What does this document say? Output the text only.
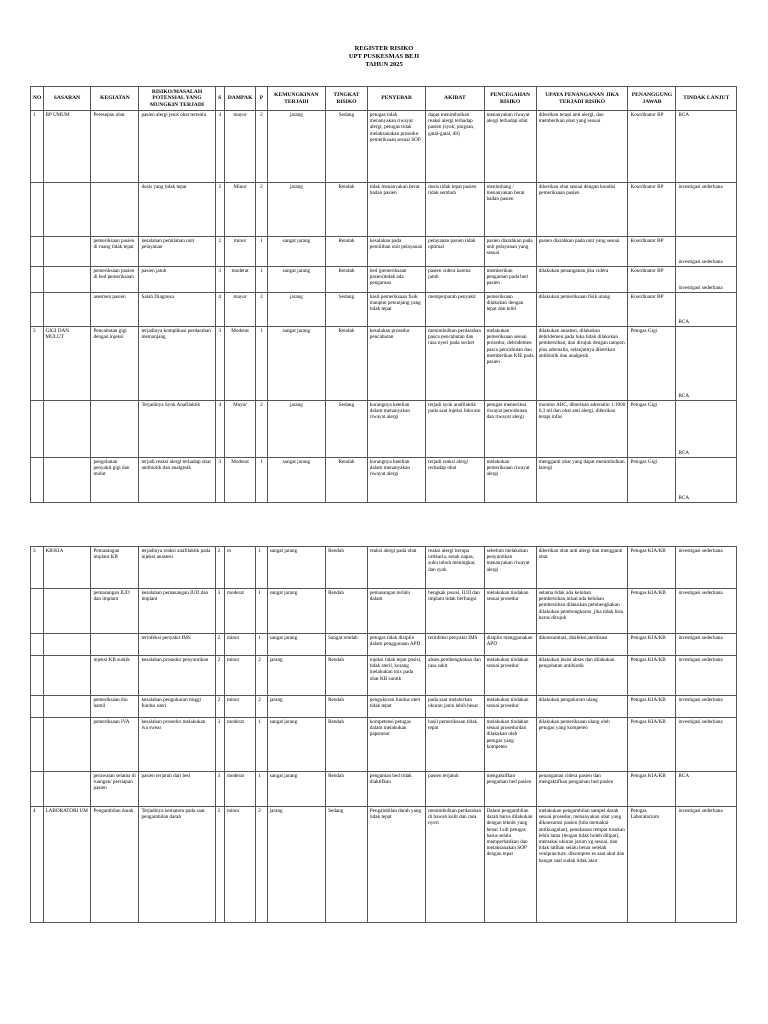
REGISTER RISIKO
UPT PUSKESMAS BEJI
TAHUN 2025
NO	SASARAN	KEGIATAN	RISIKO/MASALAH POTENSIAL YANG MUNGKIN TERJADI	S	DAMPAK	P	KEMUNGKINAN TERJADI	TINGKAT RISIKO	PENYEBAB	AKIBAT	PENCEGAHAN RISIKO	UPAYA PENANGANAN JIKA TERJADI RISIKO	PENANGGUNG JAWAB	TINDAK LANJUT
1	BP UMUM	Peresepan obat	pasien alergi jenis obat tertentu	4	mayor	2	jarang	Sedang	petugas tidak menanyakan riwayat alergi, petugas tidak melaksanakan prosedur pemeriksaan sesuai SOP	dapat menimbulkan reaksi alergi terhadap pasien (syok, pingsan, gatal-gatal, dll)	menanyakan riwayat alergi terhadap obat	diberikan terapi anti alergi, dan memberikan obat yang sesuai	Koordinator BP	RCA
			dosis yang tidak tepat	2	Minor	2	jarang	Rendah	tidak menanyakan berat badan pasien	dosis tidak tepat pasien tidak sembuh	menimbang / menanyakan berat badan pasien	diberikan obat sesuai dengan kondisi pemeriksaan pasien	Koordinator BP	investigasi sederhana
		pemeriksaan pasien di ruang tidak tepat	kesalahan pemilahan unit pelayanan	2	minor	1	sangat jarang	Rendah	kesalahan pada pemilihan unit pelayanan	pelayanan pasien tidak optimal	pasien diarahkan pada unit pelayanan yang sesuai	pasien diarahkan pada unit yang sesuai	Koordinator BP	investigasi sederhana
		pemeriksaan pasien di bed pemeriksaan	pasien jatuh	3	moderat	1	sangat jarang	Rendah	bed (pemeriksaan pasien)tidak ada pengaman	pasien cidera karena jatuh	memberikan pengaman pada bed pasien	dilakukan penanganan jika cidera	Koordinator BP	investigasi sederhana
		asesmen pasien	Salah Diagnosa	4	mayor	2	jarang	Sedang	hasil pemeriksaan fisik maupun penunjang yang tidak tepat	memperparah penyakit	pemeriksaan dilakukan dengan tepat dan teliti	dilakukan pemeriksaan fisik ulang	Koordinator BP	RCA
2	GIGI DAN MULUT	Pencabutan gigi dengan injeksi	terjadinya komplikasi perdarahan memanjang	3	Moderat	1	sangat jarang	Rendah	kesalahan prosedur pencabutan	menimbulkan perdarahan pasca pencabutan dan rasa nyeri pada socket	melakukan pemeriksaan sesuai prosedur, debridemen pasca pencabutan dan memberikan KIE pada pasien	dilakukan anastesi, dilakukan debridemen pada luka tidak dilakukan pembersihan, dan dirujuk dengan tampon plus adrenalin, selanjutnya diberikan antibiotik dan analgesik	Petugas Gigi	RCA
			Terjadinya Syok Anafilaktik	4	Mayor	2	jarang	Sedang	kurangnya ketelian dalam menanyakan riwayat alergi	terjadi syok anafilaktik pada saat injeksi lidocain	petugas memeriksa riwayat pencabutan dan riwayat alergi	monitor ABC, diberikan adrenalin 1:1000 0,3 ml dan obat anti alergi, diberikan terapi infus	Petugas Gigi	RCA
		pengobatan penyakit gigi dan mulut	terjadi reaksi alergi terhadap obat antibiotik dan analgesik	3	Moderat	1	sangat jarang	Rendah	kurangnya ketelian dalam menanyakan riwayat alergi	terjadi reaksi alergi terhadap obat	melakukan pemeriksaan riwayat alergi	mengganti obat yang dapat menimbulkan larergi	Petugas Gigi	RCA
3	KB/KIA	Pemasangan implant KB	terjadinya reaksi anafilaktik pada injeksi anastesi	2	m	1	sangat jarang	Rendah	reaksi alergi pada obat	reaksi alergi berupa urtikaria, sesak napas, suhu tubuh meningkat, dan syok	sebelum melakukan penyuntikan menanyakan riwayat alergi	diberikan obat anti alergi dan mengganti obat	Petugas KIA/KB	investigasi sederhana
		pemasangan IUD dan implant	kesalahan pemasangan IUD dan implant	3	moderat	1	sangat jarang	Rendah	pemasangan terlalu dalam	bengkak posisi, IUD dan implant tidak berfungsi	melakukan tindakan sesuai prosedur	selama tidak ada keluhan pembersihan,misal ada keluhan pembersihan dilakukan pembengkakan dilakukan pembungkaran ,jika tidak bisa harus dirujuk	Petugas KIA/KB	investigasi sederhana
			terinfeksi penyakit IMS	2	minor	1	sangat jarang	Sangat rendah	petugas tidak disiplin dalam penggunaan APD	terinfeksi penyakit IMS	disiplin menggunakan APD	dikonsumtasi, disifeksi,sterilisasi	Petugas KIA/KB	investigasi sederhana
		injeksi KB suntik	kesalahan prosedur penyuntikan	2	minor	2	jarang	Rendah	injeksi tidak tepat posisi, tidak steril, kurang melakukan mix pada obat KB suntik	abses,pembengkakan dan rasa sakit	melakukan tindakan sesuai prosedur	dilakukan insisi abses dan dilakukan pengobatan antibiotik	Petugas KIA/KB	investigasi sederhana
		pemeriksaan ibu hamil	kesalahan pengukuran tinggi fundus uteri	2	minor	2	jarang	Rendah	pengukuran fundus uteri tidak tepat	pada saat melahirkan ukuran janin lebih besar	melakukan tindakan sesuai prosedur	dilakukan pengukuran ulang	Petugas KIA/KB	investigasi sederhana
		pemeriksaan IVA	kesalahan prosedur melakukan iva swear	3	moderat	1	sangat jarang	Rendah	kompetensi petugas dalam melakukan papsmear	hasil pemeriksaan tidak tepat	melakukan tindakan sesuai prosedurdan dilakukan oleh petugas yang kompeten	dilakukan pemeriksaan ulang oleh petugas yang kompeten	Petugas KIA/KB	investigasi sederhana
		perawatan selama di ruangan/ persiapan pasien	pasien terjatuh dari bed	3	moderat	1	sangat jarang	Rendah	pengaman bed tidak diaktifkan	pasien terjatuh	mengaktifkan pengaman bed pasien	penanganan cidera pasien dan mengaktifkan pengaman bed pasien	Petugas KIA/KB	RCA
4	LABORATORI UM	Pengambilan darah	Terjadinya hematom pada saat pengambilan darah	2	minor	2	jarang	Sedang	Pengambilan darah yang tidak tepat	menimbulkan perdarahan di bawah kulit dan rasa nyeri	Dalam pengambilan darah harus dilakukan dengan teknik yang benar 1xdi petugas harus selalu memperhatikan dan melaksanakan SOP dengan tepat	melakukan pengambilan sampel darah sesuai prosedur, menanyakan obat yang dikonsumsi pasien (bila memakai antikoagulan), penekanan tempat tusukan lebih lama (lengan tidak boleh dilipat), memakai ukuran jarum yg sesuai, dan tidak latihan selalu benar setelah venipuncture. dikompres es saat akut dan hangat saat sudah tidak akut	Petugas Laboratorium	investigasi sederhana
